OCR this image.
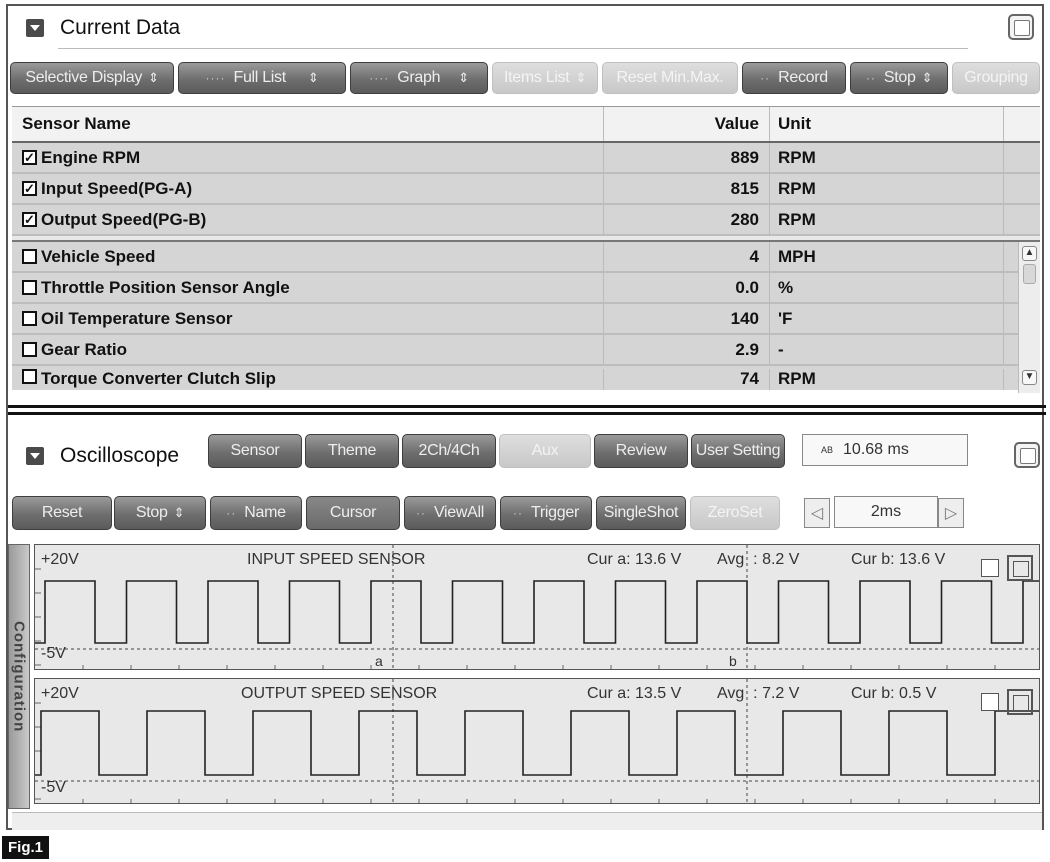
Current Data
Selective Display ⇕	···· Full List ⇕	···· Graph ⇕ Items List ⇕ Reset Min.Max.	·· Record	·· Stop ⇕ Grouping
Sensor Name	Value	Unit
✓ Engine RPM	889	RPM
✓ Input Speed(PG-A)	815	RPM
✓ Output Speed(PG-B)	280	RPM
Vehicle Speed	4	MPH
Throttle Position Sensor Angle	0.0	%
Oil Temperature Sensor	140	'F
Gear Ratio	2.9	-
Torque Converter Clutch Slip	74	RPM
▲
▼
Oscilloscope	Sensor	Theme	2Ch/4Ch	Aux	Review User Setting	AB 10.68 ms
Reset	Stop ⇕	·· Name	Cursor	·· ViewAll ·· Trigger SingleShot ZeroSet	◁	2ms	▷
Configuration
+20V
-5V
INPUT SPEED SENSOR	Cur a: 13.6 V Avg  : 8.2 V	Cur b: 13.6 V
a	b
+20V
-5V
OUTPUT SPEED SENSOR	Cur a: 13.5 V Avg  : 7.2 V	Cur b: 0.5 V
Fig.1
